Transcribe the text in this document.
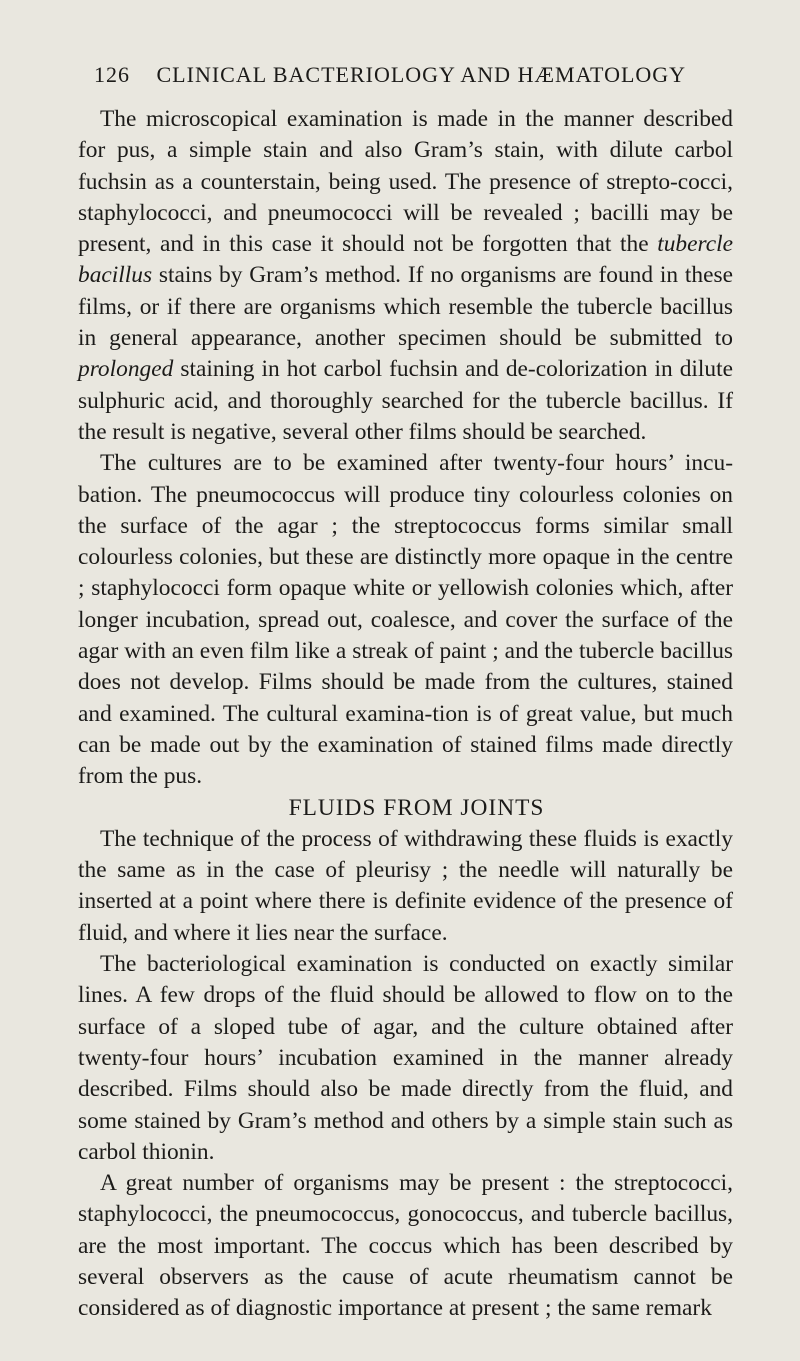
126 CLINICAL BACTERIOLOGY AND HÆMATOLOGY

The microscopical examination is made in the manner described for pus, a simple stain and also Gram’s stain, with dilute carbol fuchsin as a counterstain, being used. The presence of strepto-cocci, staphylococci, and pneumococci will be revealed ; bacilli may be present, and in this case it should not be forgotten that the tubercle bacillus stains by Gram’s method. If no organisms are found in these films, or if there are organisms which resemble the tubercle bacillus in general appearance, another specimen should be submitted to prolonged staining in hot carbol fuchsin and de-colorization in dilute sulphuric acid, and thoroughly searched for the tubercle bacillus. If the result is negative, several other films should be searched.

The cultures are to be examined after twenty-four hours’ incu-bation. The pneumococcus will produce tiny colourless colonies on the surface of the agar ; the streptococcus forms similar small colourless colonies, but these are distinctly more opaque in the centre ; staphylococci form opaque white or yellowish colonies which, after longer incubation, spread out, coalesce, and cover the surface of the agar with an even film like a streak of paint ; and the tubercle bacillus does not develop. Films should be made from the cultures, stained and examined. The cultural examina-tion is of great value, but much can be made out by the examination of stained films made directly from the pus.

FLUIDS FROM JOINTS

The technique of the process of withdrawing these fluids is exactly the same as in the case of pleurisy ; the needle will naturally be inserted at a point where there is definite evidence of the presence of fluid, and where it lies near the surface.

The bacteriological examination is conducted on exactly similar lines. A few drops of the fluid should be allowed to flow on to the surface of a sloped tube of agar, and the culture obtained after twenty-four hours’ incubation examined in the manner already described. Films should also be made directly from the fluid, and some stained by Gram’s method and others by a simple stain such as carbol thionin.

A great number of organisms may be present : the streptococci, staphylococci, the pneumococcus, gonococcus, and tubercle bacillus, are the most important. The coccus which has been described by several observers as the cause of acute rheumatism cannot be considered as of diagnostic importance at present ; the same remark
